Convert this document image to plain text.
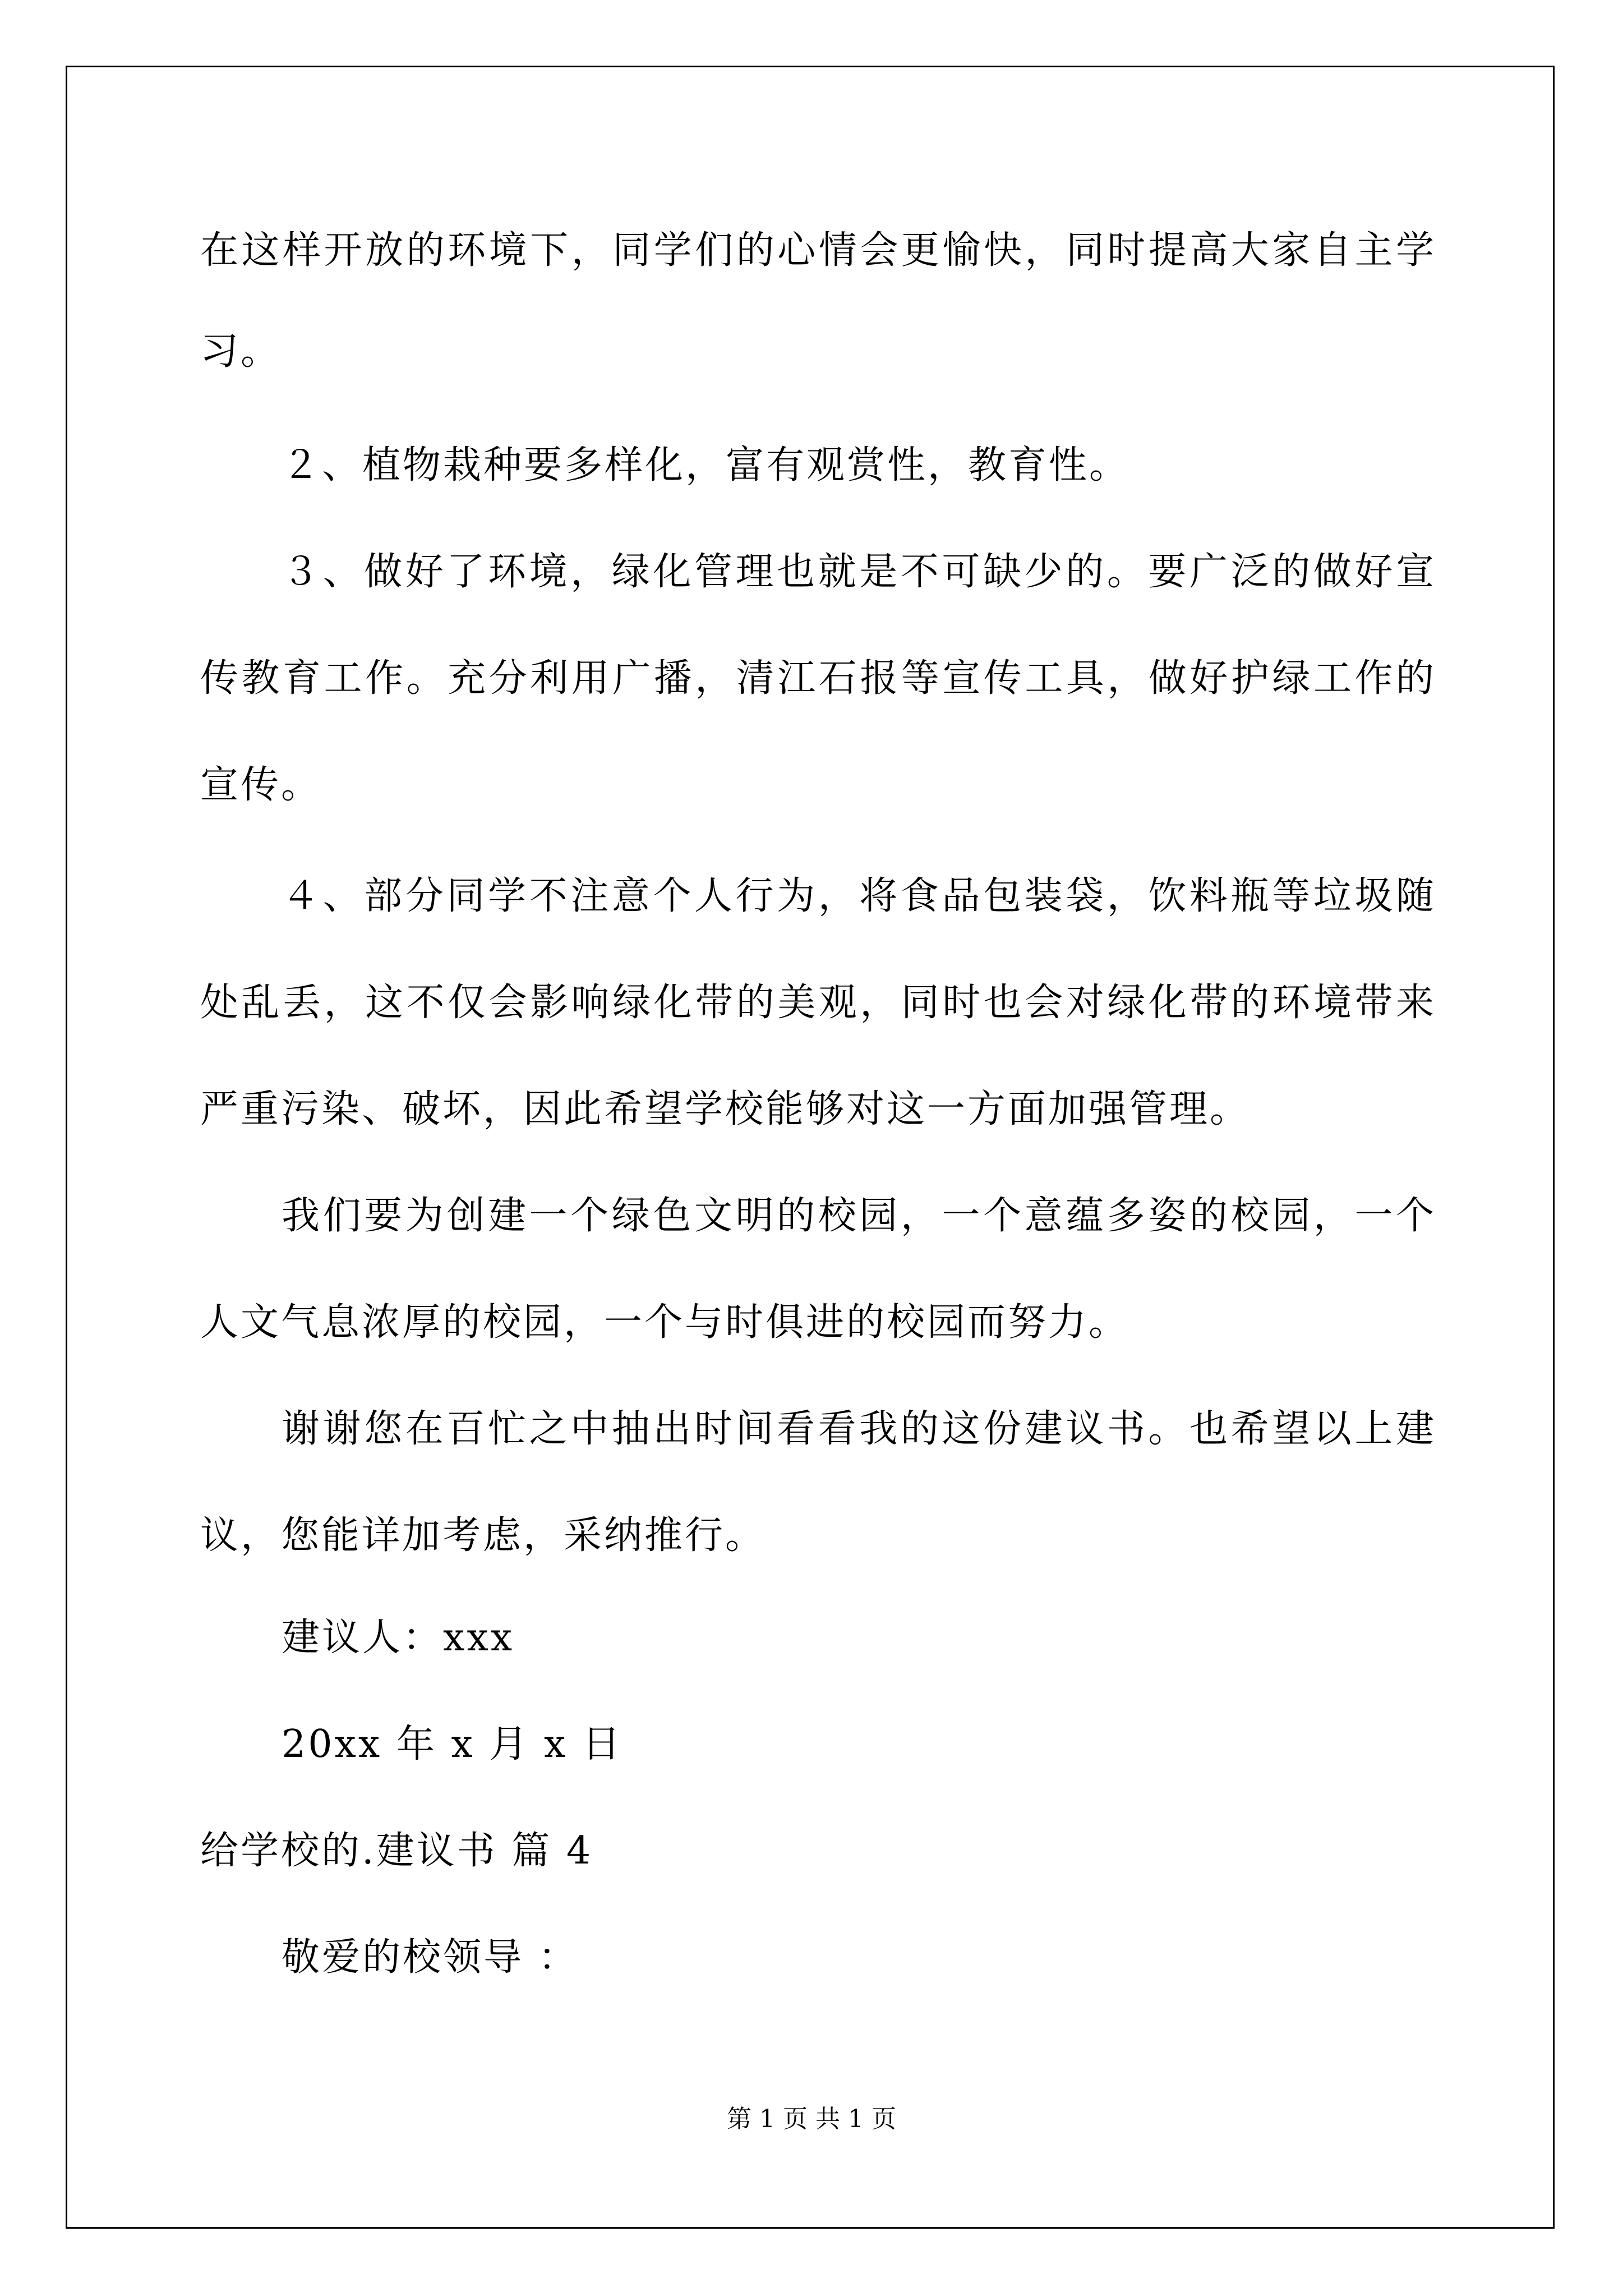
在这样开放的环境下，同学们的心情会更愉快，同时提高大家自主学
习。
２、植物栽种要多样化，富有观赏性，教育性。
３、做好了环境，绿化管理也就是不可缺少的。要广泛的做好宣
传教育工作。充分利用广播，清江石报等宣传工具，做好护绿工作的
宣传。
４、部分同学不注意个人行为，将食品包装袋，饮料瓶等垃圾随
处乱丢，这不仅会影响绿化带的美观，同时也会对绿化带的环境带来
严重污染、破坏，因此希望学校能够对这一方面加强管理。
我们要为创建一个绿色文明的校园，一个意蕴多姿的校园，一个
人文气息浓厚的校园，一个与时俱进的校园而努力。
谢谢您在百忙之中抽出时间看看我的这份建议书。也希望以上建
议，您能详加考虑，采纳推行。
建议人：xxx
20xx 年 x 月 x 日
给学校的.建议书 篇 4
敬爱的校领导 ：
第 1 页 共 1 页
